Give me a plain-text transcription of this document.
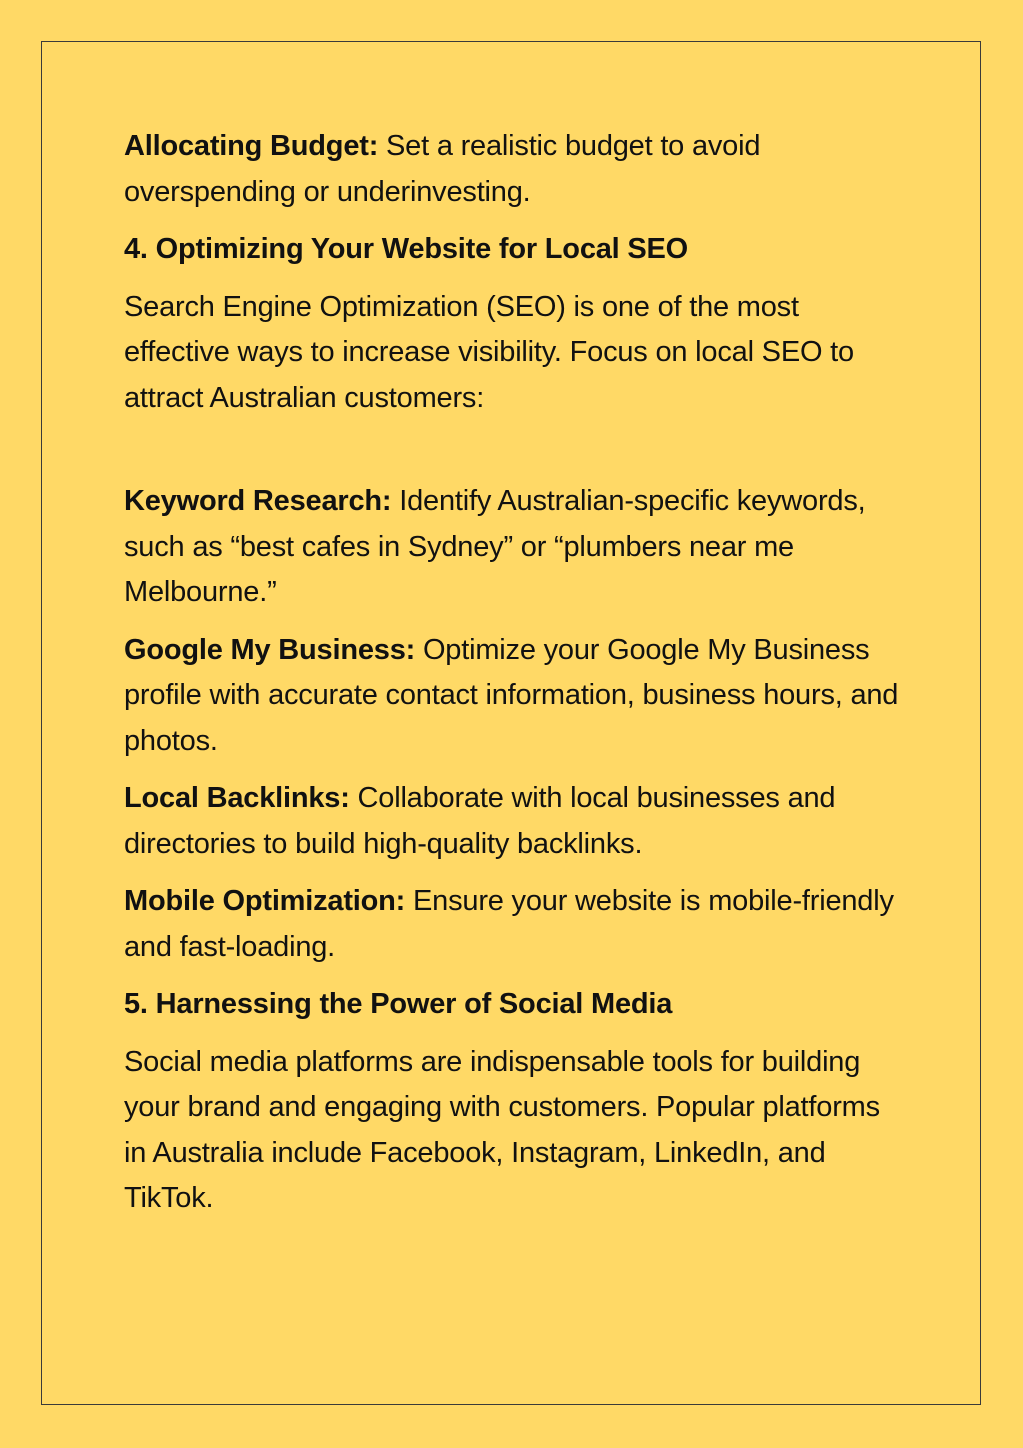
Allocating Budget: Set a realistic budget to avoid overspending or underinvesting.

4. Optimizing Your Website for Local SEO

Search Engine Optimization (SEO) is one of the most effective ways to increase visibility. Focus on local SEO to attract Australian customers:

Keyword Research: Identify Australian-specific keywords, such as “best cafes in Sydney” or “plumbers near me Melbourne.”

Google My Business: Optimize your Google My Business profile with accurate contact information, business hours, and photos.

Local Backlinks: Collaborate with local businesses and directories to build high-quality backlinks.

Mobile Optimization: Ensure your website is mobile-friendly and fast-loading.

5. Harnessing the Power of Social Media

Social media platforms are indispensable tools for building your brand and engaging with customers. Popular platforms in Australia include Facebook, Instagram, LinkedIn, and TikTok.
